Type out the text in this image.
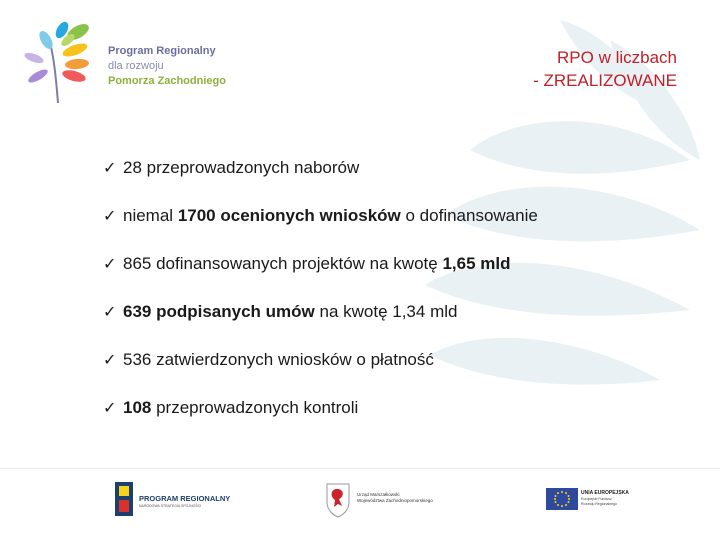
Program Regionalny
dla rozwoju
Pomorza Zachodniego
RPO w liczbach
- ZREALIZOWANE
✓ 28 przeprowadzonych naborów
✓ niemal 1700 ocenionych wniosków o dofinansowanie
✓ 865 dofinansowanych projektów na kwotę 1,65 mld
✓ 639 podpisanych umów na kwotę 1,34 mld
✓ 536 zatwierdzonych wniosków o płatność
✓ 108 przeprowadzonych kontroli
PROGRAM REGIONALNY
NARODOWA STRATEGIA SPÓJNOŚCI
Urząd Marszałkowski
Województwa Zachodniopomorskiego
UNIA EUROPEJSKA
Europejski Fundusz
Rozwoju Regionalnego
